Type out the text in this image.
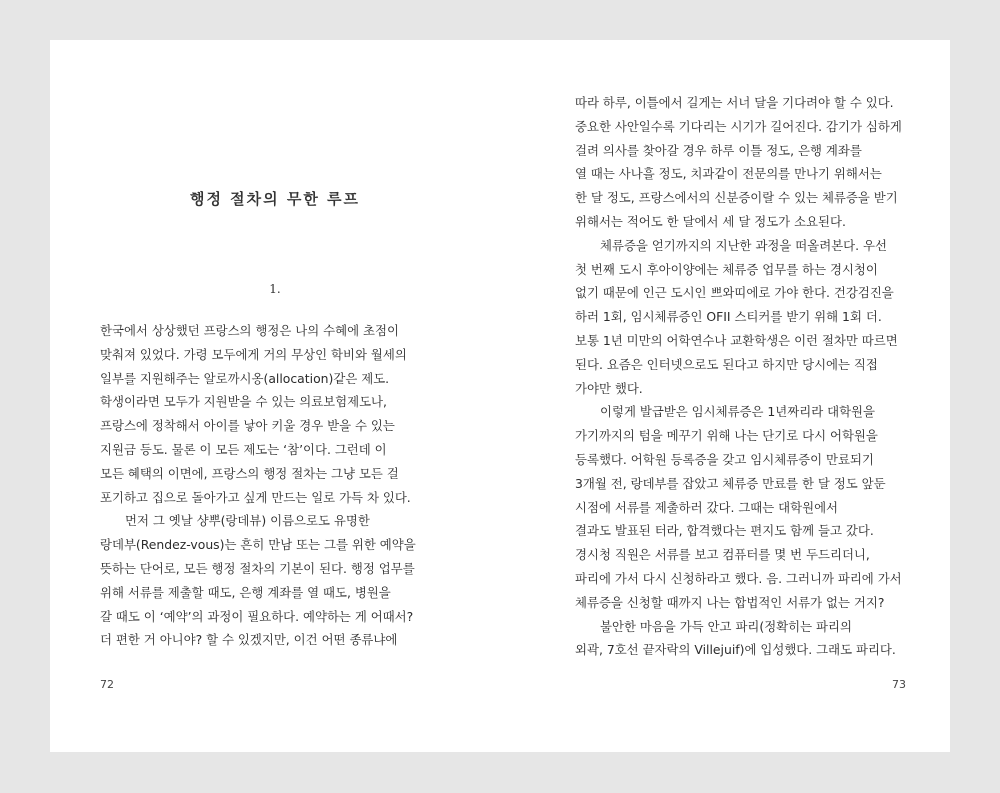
행정 절차의 무한 루프

1.

한국에서 상상했던 프랑스의 행정은 나의 수혜에 초점이
맞춰져 있었다. 가령 모두에게 거의 무상인 학비와 월세의
일부를 지원해주는 알로까시옹(allocation)같은 제도.
학생이라면 모두가 지원받을 수 있는 의료보험제도나,
프랑스에 정착해서 아이를 낳아 키울 경우 받을 수 있는
지원금 등도. 물론 이 모든 제도는 ‘참’이다. 그런데 이
모든 혜택의 이면에, 프랑스의 행정 절차는 그냥 모든 걸
포기하고 집으로 돌아가고 싶게 만드는 일로 가득 차 있다.
먼저 그 옛날 샹뿌(랑데뷰) 이름으로도 유명한
랑데부(Rendez-vous)는 흔히 만남 또는 그를 위한 예약을
뜻하는 단어로, 모든 행정 절차의 기본이 된다. 행정 업무를
위해 서류를 제출할 때도, 은행 계좌를 열 때도, 병원을
갈 때도 이 ‘예약’의 과정이 필요하다. 예약하는 게 어때서?
더 편한 거 아니야? 할 수 있겠지만, 이건 어떤 종류냐에

72

따라 하루, 이틀에서 길게는 서너 달을 기다려야 할 수 있다.
중요한 사안일수록 기다리는 시기가 길어진다. 감기가 심하게
걸려 의사를 찾아갈 경우 하루 이틀 정도, 은행 계좌를
열 때는 사나흘 정도, 치과같이 전문의를 만나기 위해서는
한 달 정도, 프랑스에서의 신분증이랄 수 있는 체류증을 받기
위해서는 적어도 한 달에서 세 달 정도가 소요된다.
체류증을 얻기까지의 지난한 과정을 떠올려본다. 우선
첫 번째 도시 후아이양에는 체류증 업무를 하는 경시청이
없기 때문에 인근 도시인 쁘와띠에로 가야 한다. 건강검진을
하러 1회, 임시체류증인 OFII 스티커를 받기 위해 1회 더.
보통 1년 미만의 어학연수나 교환학생은 이런 절차만 따르면
된다. 요즘은 인터넷으로도 된다고 하지만 당시에는 직접
가야만 했다.
이렇게 발급받은 임시체류증은 1년짜리라 대학원을
가기까지의 텀을 메꾸기 위해 나는 단기로 다시 어학원을
등록했다. 어학원 등록증을 갖고 임시체류증이 만료되기
3개월 전, 랑데부를 잡았고 체류증 만료를 한 달 정도 앞둔
시점에 서류를 제출하러 갔다. 그때는 대학원에서
결과도 발표된 터라, 합격했다는 편지도 함께 들고 갔다.
경시청 직원은 서류를 보고 컴퓨터를 몇 번 두드리더니,
파리에 가서 다시 신청하라고 했다. 음. 그러니까 파리에 가서
체류증을 신청할 때까지 나는 합법적인 서류가 없는 거지?
불안한 마음을 가득 안고 파리(정확히는 파리의
외곽, 7호선 끝자락의 Villejuif)에 입성했다. 그래도 파리다.

73
